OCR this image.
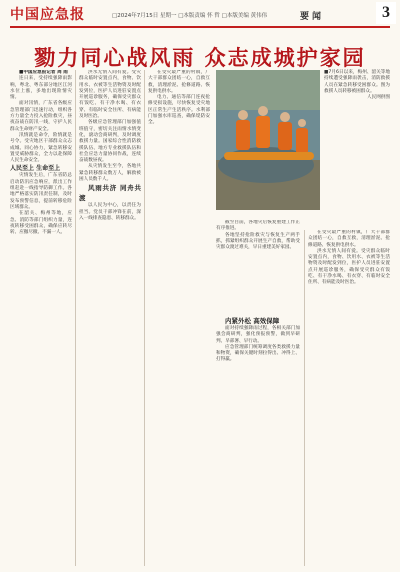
中国应急报	□2024年7月15日 星期一 □本版责编 怀 哲 □本版美编 黄伟伟	要闻	3
勠力同心战风雨 众志成城护家园

■中国应急报记者 周 雨

连日来，受持续强降雨影响，粤北、粤东部分地区江河水位上涨，多地出现险情灾情。

面对汛情，广东省各级应急管理部门迅速行动，组织各方力量全力投入抢险救灾，昼夜奋战在防汛一线，守护人民群众生命财产安全。

汛情就是命令，险情就是号令。受灾地区干部群众众志成城、同心协力，紧急转移安置受威胁群众，全力以赴保障人民生命安全。

人民至上 生命至上

灾情发生后，广东省防总启动防汛应急响应，派出工作组赶赴一线指导防御工作。各地严格落实防汛责任制，及时发布预警信息，提前转移危险区域群众。

在韶关、梅州等地，应急、消防等部门组织力量，连夜转移受困群众，确保应转尽转、应撤尽撤、不漏一人。

洪水无情人间有爱。受灾群众临时安置点内，食物、饮用水、衣被等生活物资及时配发到位，医护人员进驻安置点开展巡诊服务，确保受灾群众有饭吃、有干净水喝、有衣穿、有临时安全住所、有病能及时医治。

各级应急管理部门加强值班值守，密切关注雨情水情变化，滚动会商研判，及时调度救援力量。国家综合性消防救援队伍、地方专业救援队伍和社会应急力量协同作战，连续奋战数昼夜。

从灾情发生至今，各地共紧急转移群众数万人，解救被困人员数千人。

风雨共济 同舟共渡

以人民为中心，以责任为担当。党员干部冲锋在前，深入一线排查隐患、转移群众。

在受灾最严重的村镇，广大干部群众团结一心，自救互救，清理淤泥、抢修道路、恢复供电供水。

电力、通信等部门连夜抢修受损设施，尽快恢复受灾地区正常生产生活秩序。水利部门加强水库巡查，确保堤防安全。

■7月6日以来，梅州、韶关等地持续遭受强降雨袭击，消防救援人员在紧急转移受困群众。图为救援人员转移被困群众。
人民网供图

截至目前，各地灾后恢复重建工作正有序推进。

各地坚持抢险救灾与恢复生产两手抓，抓紧组织群众开展生产自救，帮助受灾群众渡过难关，早日重建美好家园。

内紧外松 高效保障

面对持续强降雨过程，各相关部门加强会商研判，强化预报预警，做到早研判、早部署、早行动。

应急管理部门统筹调度各类救援力量和物资，确保关键时刻拉得出、冲得上、打得赢。

在受灾最严重的村镇，广大干部群众团结一心，自救互救，清理淤泥、抢修道路、恢复供电供水。

洪水无情人间有爱。受灾群众临时安置点内，食物、饮用水、衣被等生活物资及时配发到位，医护人员进驻安置点开展巡诊服务，确保受灾群众有饭吃、有干净水喝、有衣穿、有临时安全住所、有病能及时医治。
